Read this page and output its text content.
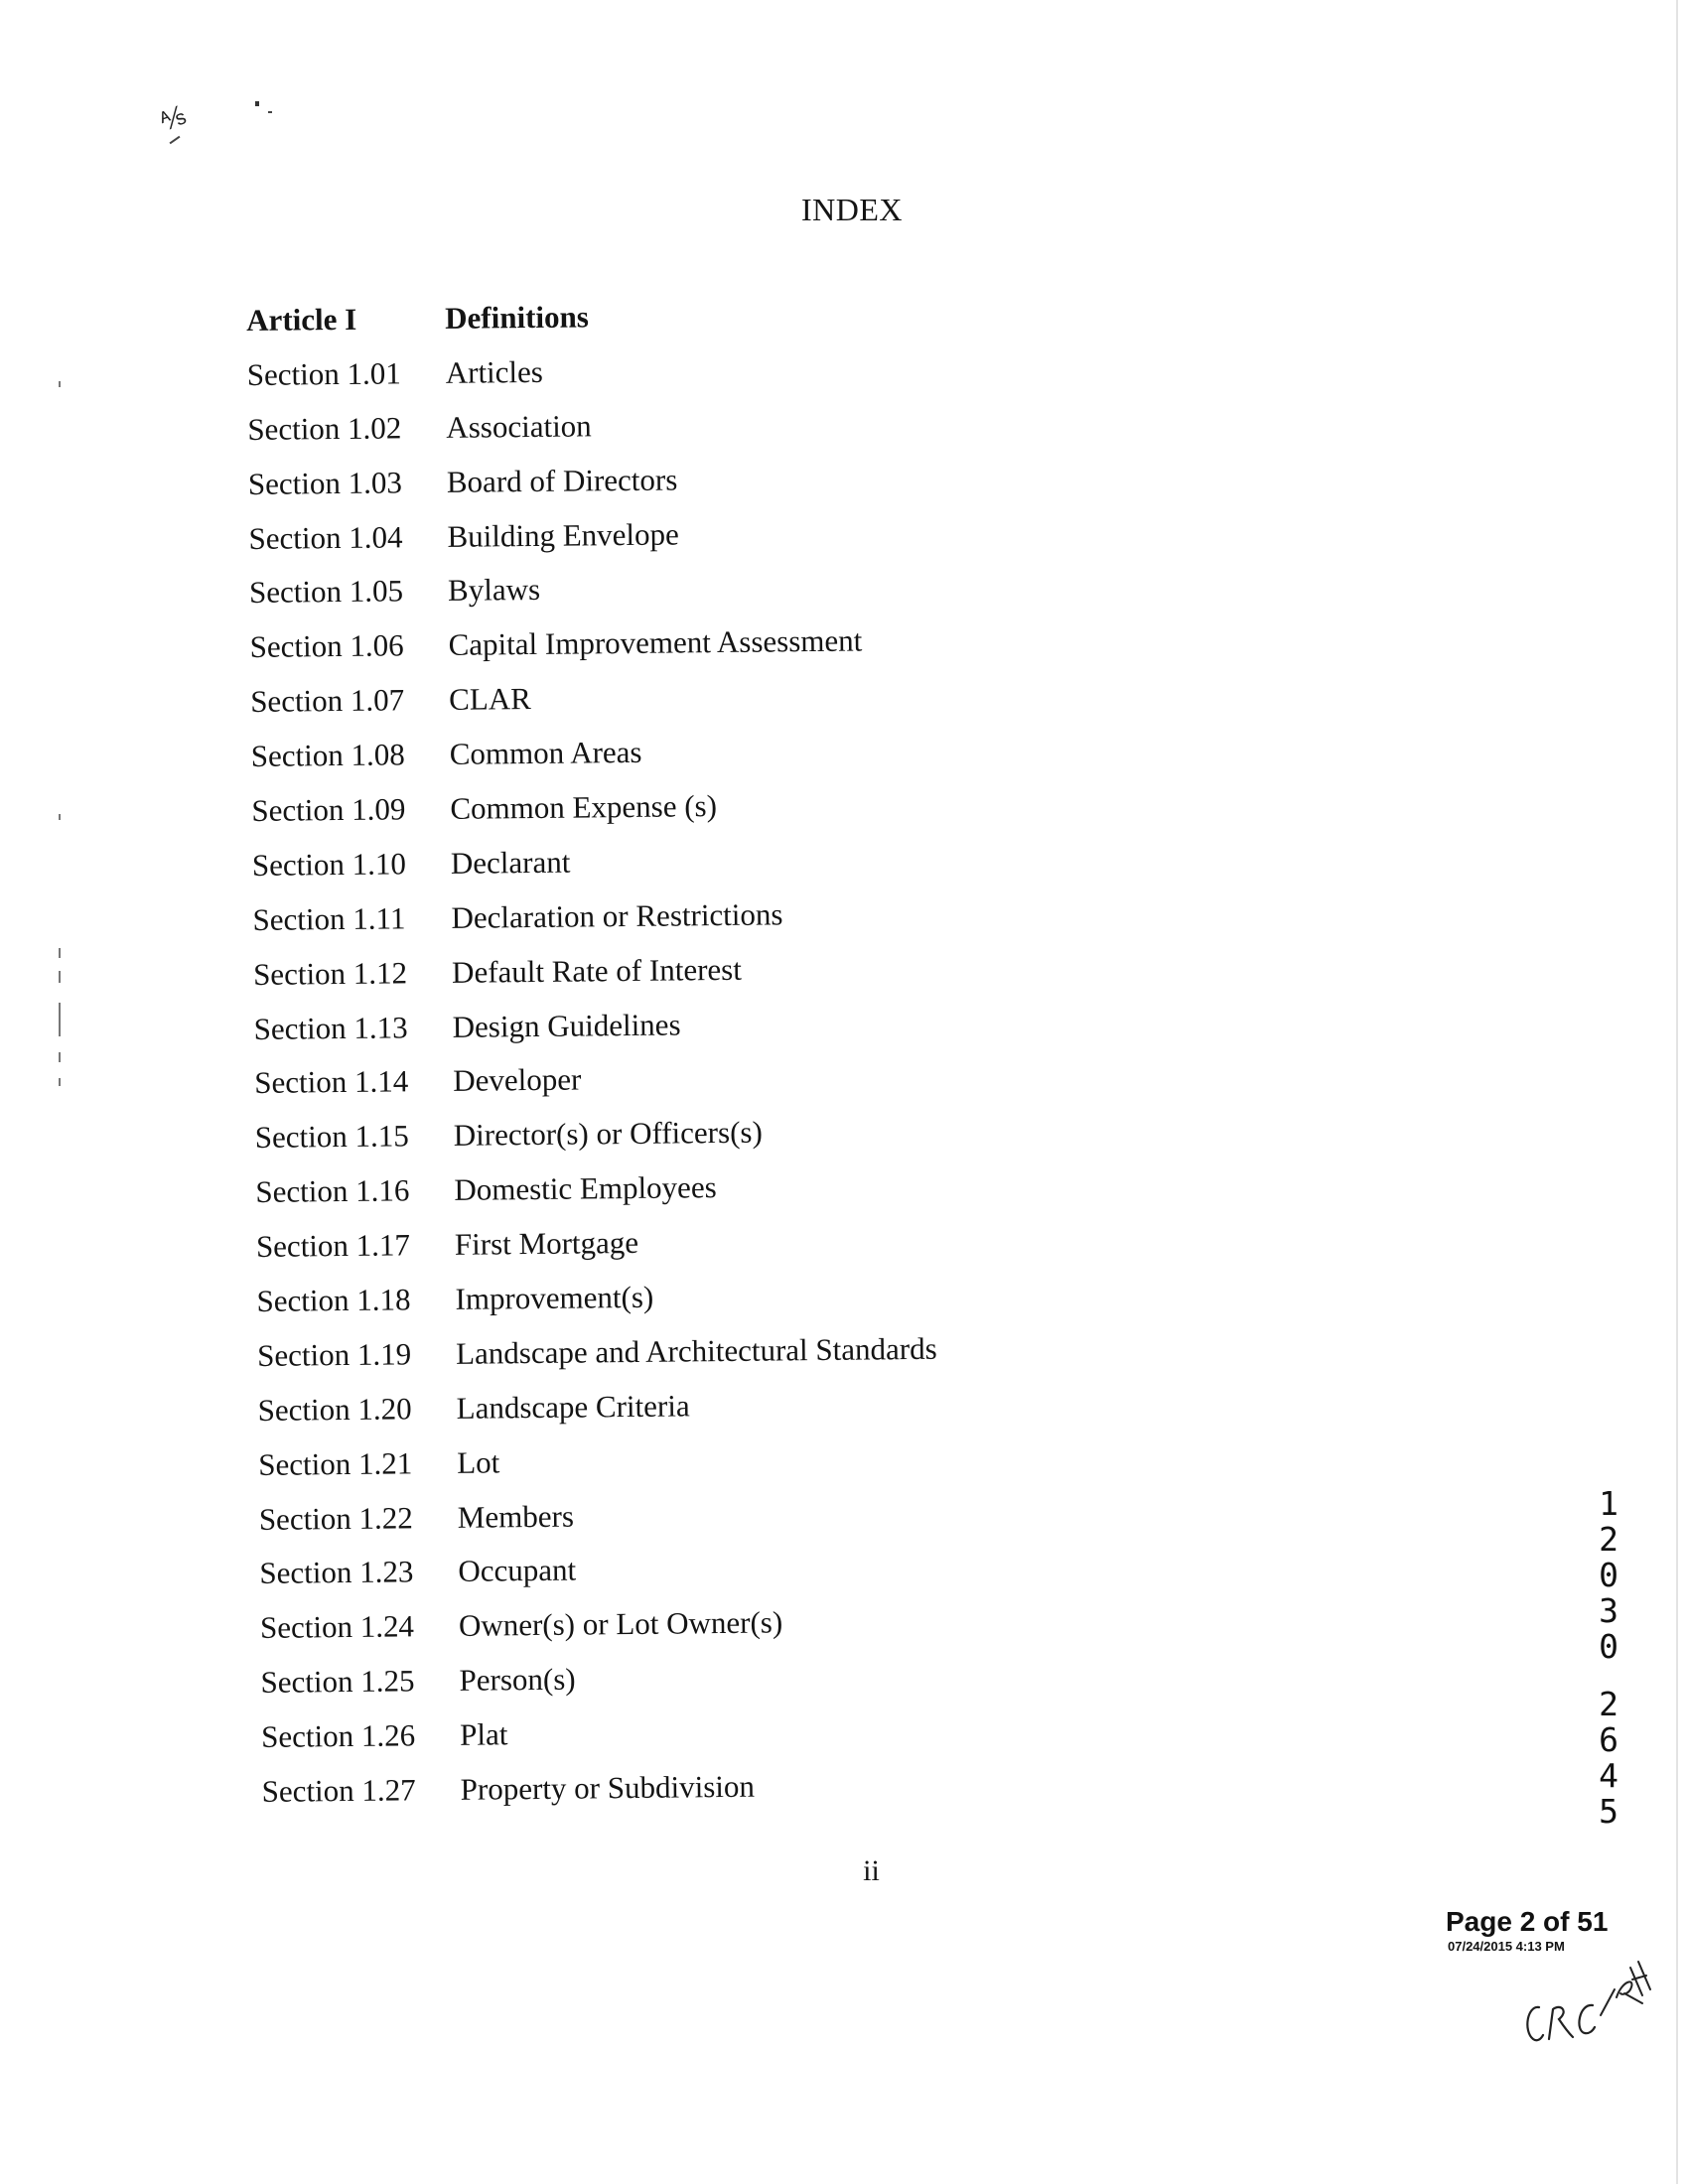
⅍
INDEX
Article I	Definitions
Section 1.01 Articles
Section 1.02 Association
Section 1.03 Board of Directors
Section 1.04 Building Envelope
Section 1.05 Bylaws
Section 1.06 Capital Improvement Assessment
Section 1.07 CLAR
Section 1.08 Common Areas
Section 1.09 Common Expense (s)
Section 1.10 Declarant
Section 1.11 Declaration or Restrictions
Section 1.12 Default Rate of Interest
Section 1.13 Design Guidelines
Section 1.14 Developer
Section 1.15 Director(s) or Officers(s)
Section 1.16 Domestic Employees
Section 1.17 First Mortgage
Section 1.18 Improvement(s)
Section 1.19 Landscape and Architectural Standards
Section 1.20 Landscape Criteria
Section 1.21 Lot
Section 1.22 Members
Section 1.23 Occupant
Section 1.24 Owner(s) or Lot Owner(s)
Section 1.25 Person(s)
Section 1.26 Plat
Section 1.27 Property or Subdivision
ii
1
2
0
3
0
2
6
4
5
Page 2 of 51
07/24/2015 4:13 PM
